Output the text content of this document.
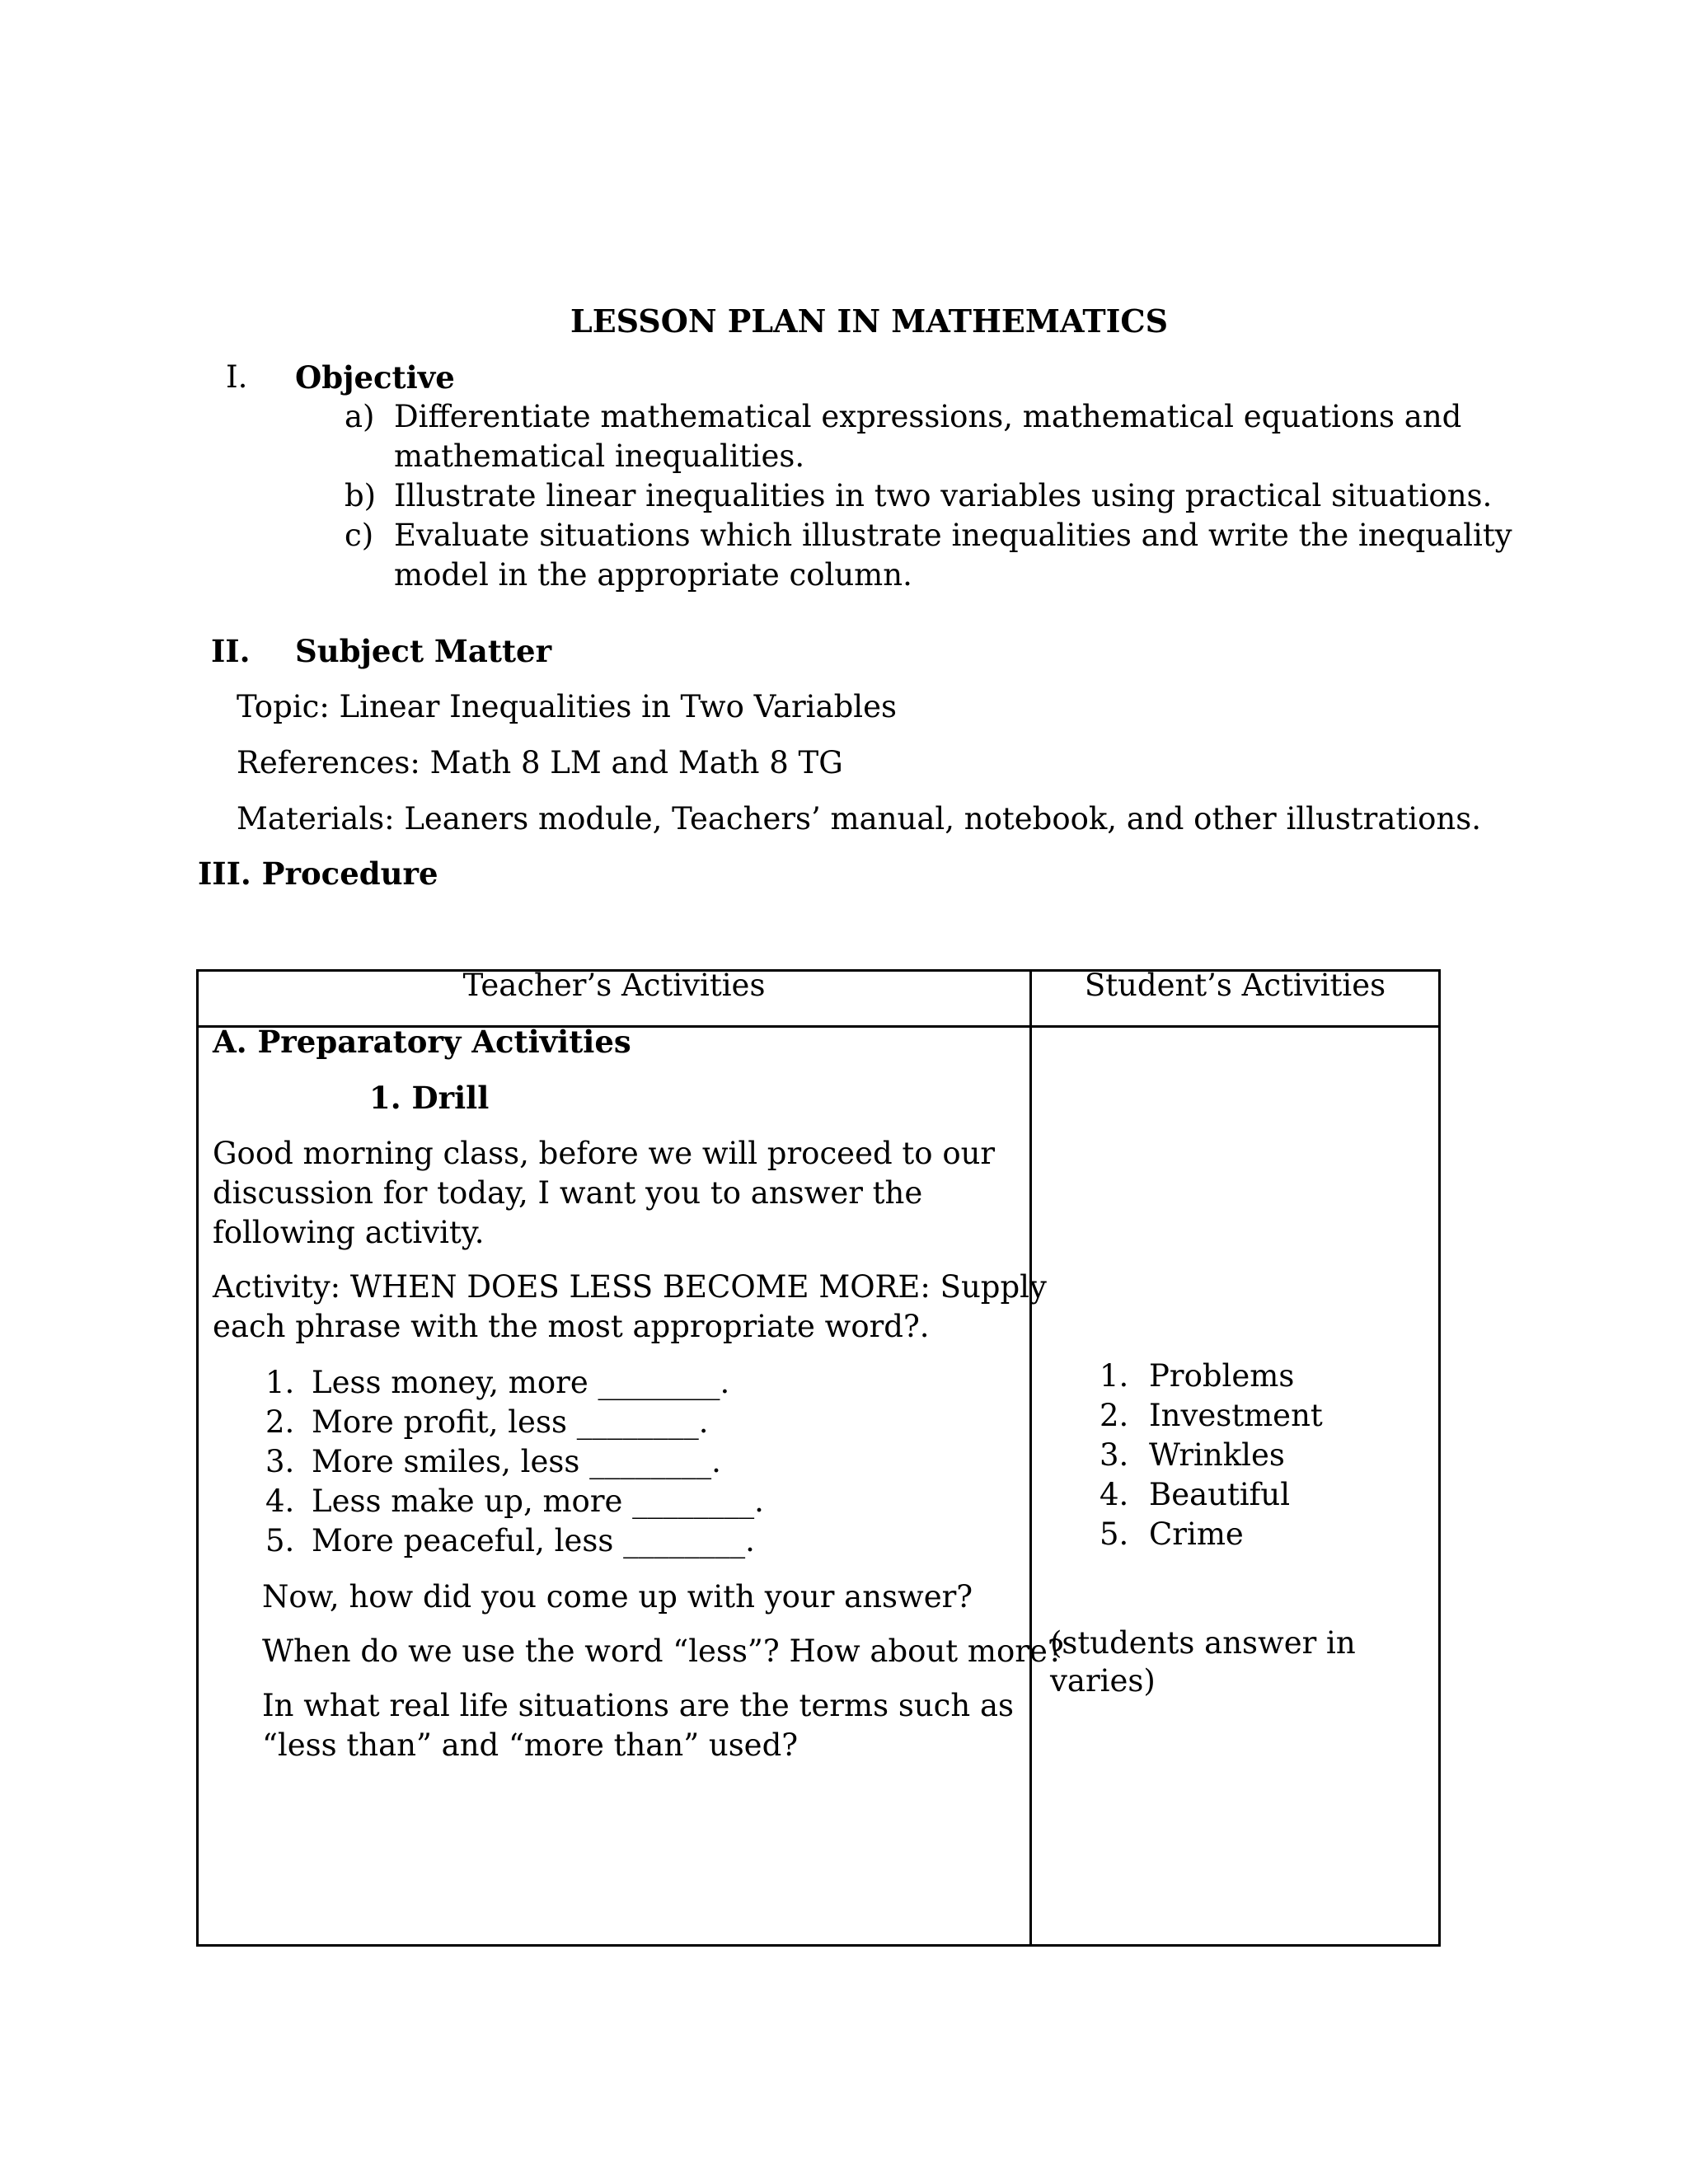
LESSON PLAN IN MATHEMATICS
I. Objective
a) Differentiate mathematical expressions, mathematical equations and
mathematical inequalities.
b) Illustrate linear inequalities in two variables using practical situations.
c) Evaluate situations which illustrate inequalities and write the inequality
model in the appropriate column.
II. Subject Matter
Topic: Linear Inequalities in Two Variables
References: Math 8 LM and Math 8 TG
Materials: Leaners module, Teachers’ manual, notebook, and other illustrations.
III. Procedure
Teacher’s Activities	Student’s Activities
A. Preparatory Activities
1. Drill
Good morning class, before we will proceed to our
discussion for today, I want you to answer the
following activity.
Activity: WHEN DOES LESS BECOME MORE: Supply
each phrase with the most appropriate word?.
1. Less money, more ________.
2. More profit, less ________.
3. More smiles, less ________.
4. Less make up, more ________.
5. More peaceful, less ________.
Now, how did you come up with your answer?
When do we use the word “less”? How about more?
In what real life situations are the terms such as
“less than” and “more than” used?
1. Problems
2. Investment
3. Wrinkles
4. Beautiful
5. Crime
(students answer in
varies)
